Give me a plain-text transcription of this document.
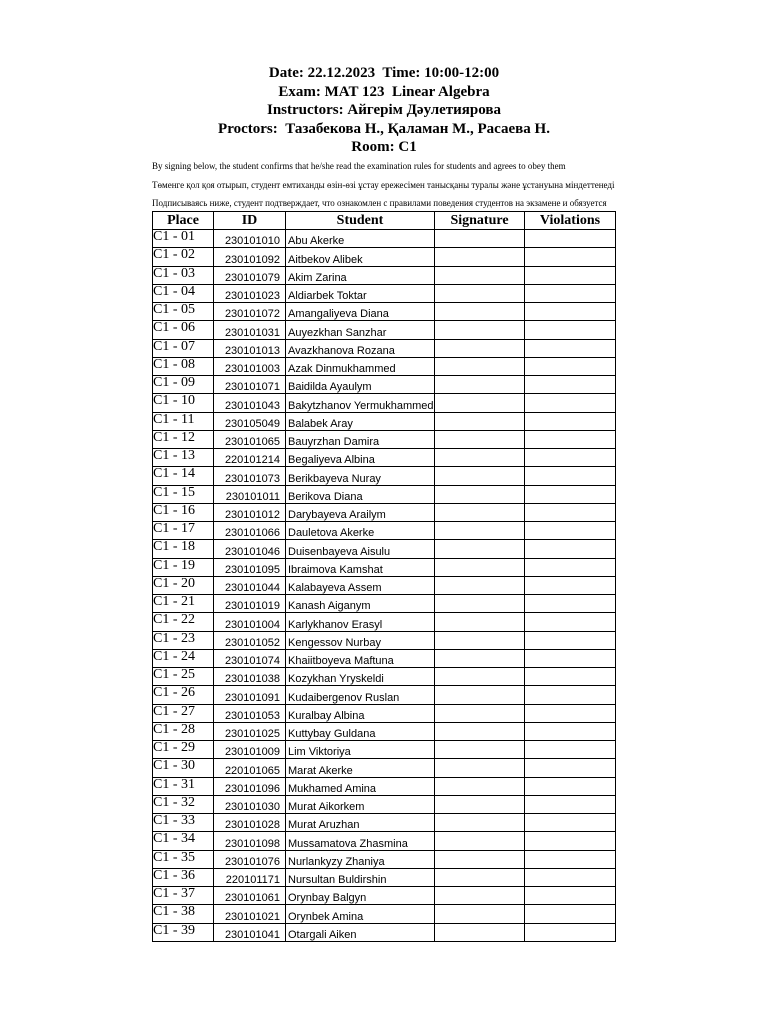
Date: 22.12.2023  Time: 10:00-12:00
Exam: MAT 123  Linear Algebra
Instructors: Айгерім Дәулетиярова
Proctors:  Тазабекова Н., Қаламан М., Расаева Н.
Room: C1
By signing below, the student confirms that he/she read the examination rules for students and agrees to obey them
Төменге қол қоя отырып, студент емтиханды өзін-өзі ұстау ережесімен танысқаны туралы және ұстануына міндеттенеді
Подписываясь ниже, студент подтверждает, что ознакомлен с правилами поведения студентов на экзамене и обязуется
Place	ID	Student	Signature	Violations
C1 - 01	230101010	Abu Akerke		
C1 - 02	230101092	Aitbekov Alibek		
C1 - 03	230101079	Akim Zarina		
C1 - 04	230101023	Aldiarbek Toktar		
C1 - 05	230101072	Amangaliyeva Diana		
C1 - 06	230101031	Auyezkhan Sanzhar		
C1 - 07	230101013	Avazkhanova Rozana		
C1 - 08	230101003	Azak Dinmukhammed		
C1 - 09	230101071	Baidilda Ayaulym		
C1 - 10	230101043	Bakytzhanov Yermukhammed		
C1 - 11	230105049	Balabek Aray		
C1 - 12	230101065	Bauyrzhan Damira		
C1 - 13	220101214	Begaliyeva Albina		
C1 - 14	230101073	Berikbayeva Nuray		
C1 - 15	230101011	Berikova Diana		
C1 - 16	230101012	Darybayeva Arailym		
C1 - 17	230101066	Dauletova Akerke		
C1 - 18	230101046	Duisenbayeva Aisulu		
C1 - 19	230101095	Ibraimova Kamshat		
C1 - 20	230101044	Kalabayeva Assem		
C1 - 21	230101019	Kanash Aiganym		
C1 - 22	230101004	Karlykhanov Erasyl		
C1 - 23	230101052	Kengessov Nurbay		
C1 - 24	230101074	Khaiitboyeva Maftuna		
C1 - 25	230101038	Kozykhan Yryskeldi		
C1 - 26	230101091	Kudaibergenov Ruslan		
C1 - 27	230101053	Kuralbay Albina		
C1 - 28	230101025	Kuttybay Guldana		
C1 - 29	230101009	Lim Viktoriya		
C1 - 30	220101065	Marat Akerke		
C1 - 31	230101096	Mukhamed Amina		
C1 - 32	230101030	Murat Aikorkem		
C1 - 33	230101028	Murat Aruzhan		
C1 - 34	230101098	Mussamatova Zhasmina		
C1 - 35	230101076	Nurlankyzy Zhaniya		
C1 - 36	220101171	Nursultan Buldirshin		
C1 - 37	230101061	Orynbay Balgyn		
C1 - 38	230101021	Orynbek Amina		
C1 - 39	230101041	Otargali Aiken		
